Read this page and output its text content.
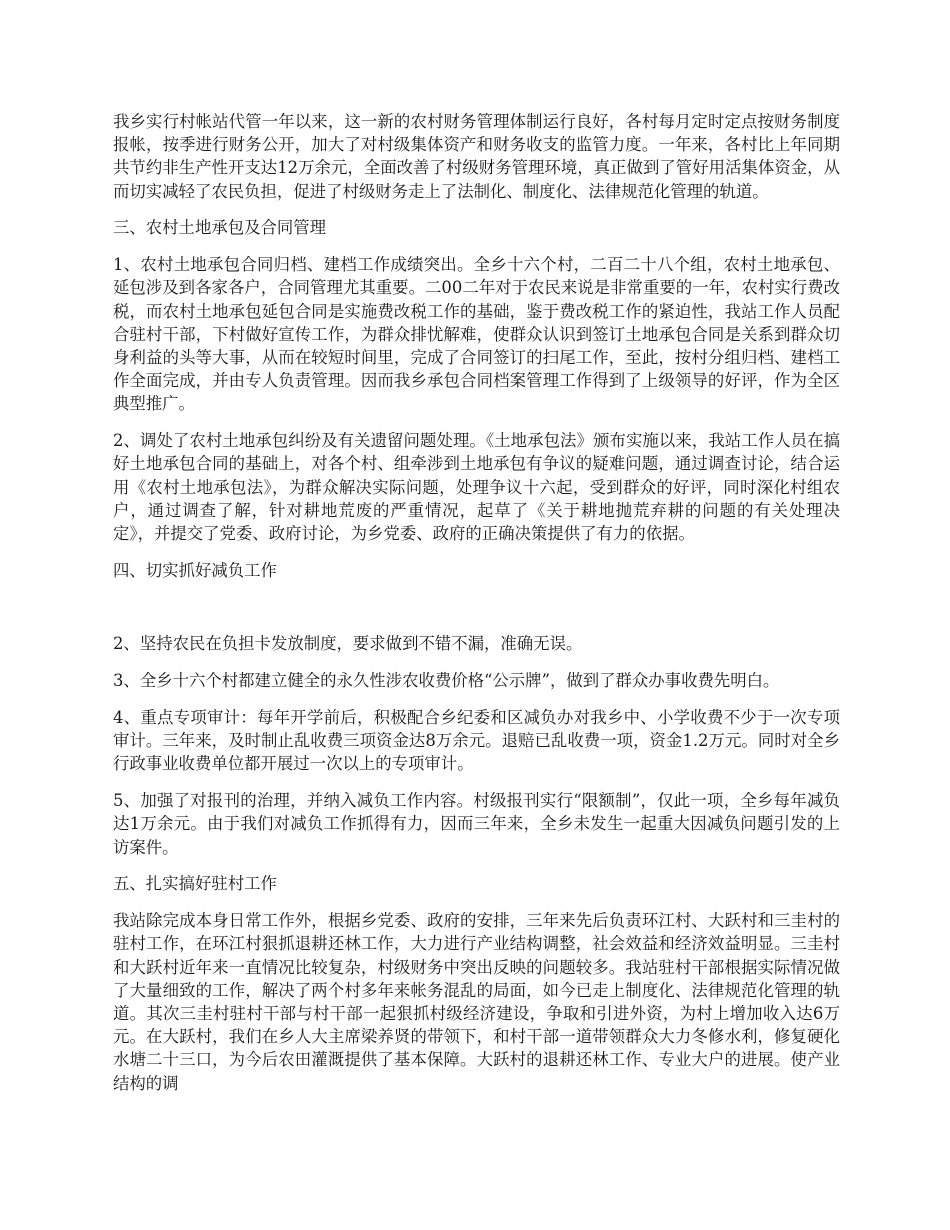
我乡实行村帐站代管一年以来，这一新的农村财务管理体制运行良好，各村每月定时定点按财务制度报帐，按季进行财务公开，加大了对村级集体资产和财务收支的监管力度。一年来，各村比上年同期共节约非生产性开支达12万余元，全面改善了村级财务管理环境，真正做到了管好用活集体资金，从而切实减轻了农民负担，促进了村级财务走上了法制化、制度化、法律规范化管理的轨道。

三、农村土地承包及合同管理

1、农村土地承包合同归档、建档工作成绩突出。全乡十六个村，二百二十八个组，农村土地承包、延包涉及到各家各户，合同管理尤其重要。二00二年对于农民来说是非常重要的一年，农村实行费改税，而农村土地承包延包合同是实施费改税工作的基础，鉴于费改税工作的紧迫性，我站工作人员配合驻村干部，下村做好宣传工作，为群众排忧解难，使群众认识到签订土地承包合同是关系到群众切身利益的头等大事，从而在较短时间里，完成了合同签订的扫尾工作，至此，按村分组归档、建档工作全面完成，并由专人负责管理。因而我乡承包合同档案管理工作得到了上级领导的好评，作为全区典型推广。

2、调处了农村土地承包纠纷及有关遗留问题处理。《土地承包法》颁布实施以来，我站工作人员在搞好土地承包合同的基础上，对各个村、组牵涉到土地承包有争议的疑难问题，通过调查讨论，结合运用《农村土地承包法》，为群众解决实际问题，处理争议十六起，受到群众的好评，同时深化村组农户，通过调查了解，针对耕地荒废的严重情况，起草了《关于耕地抛荒弃耕的问题的有关处理决定》，并提交了党委、政府讨论，为乡党委、政府的正确决策提供了有力的依据。

四、切实抓好减负工作

2、坚持农民在负担卡发放制度，要求做到不错不漏，准确无误。

3、全乡十六个村都建立健全的永久性涉农收费价格“公示牌”，做到了群众办事收费先明白。

4、重点专项审计：每年开学前后，积极配合乡纪委和区减负办对我乡中、小学收费不少于一次专项审计。三年来，及时制止乱收费三项资金达8万余元。退赔已乱收费一项，资金1.2万元。同时对全乡行政事业收费单位都开展过一次以上的专项审计。

5、加强了对报刊的治理，并纳入减负工作内容。村级报刊实行“限额制”，仅此一项，全乡每年减负达1万余元。由于我们对减负工作抓得有力，因而三年来，全乡未发生一起重大因减负问题引发的上访案件。

五、扎实搞好驻村工作

我站除完成本身日常工作外，根据乡党委、政府的安排，三年来先后负责环江村、大跃村和三圭村的驻村工作，在环江村狠抓退耕还林工作，大力进行产业结构调整，社会效益和经济效益明显。三圭村和大跃村近年来一直情况比较复杂，村级财务中突出反映的问题较多。我站驻村干部根据实际情况做了大量细致的工作，解决了两个村多年来帐务混乱的局面，如今已走上制度化、法律规范化管理的轨道。其次三圭村驻村干部与村干部一起狠抓村级经济建设，争取和引进外资，为村上增加收入达6万元。在大跃村，我们在乡人大主席梁养贤的带领下，和村干部一道带领群众大力冬修水利，修复硬化水塘二十三口，为今后农田灌溉提供了基本保障。大跃村的退耕还林工作、专业大户的进展。使产业结构的调
